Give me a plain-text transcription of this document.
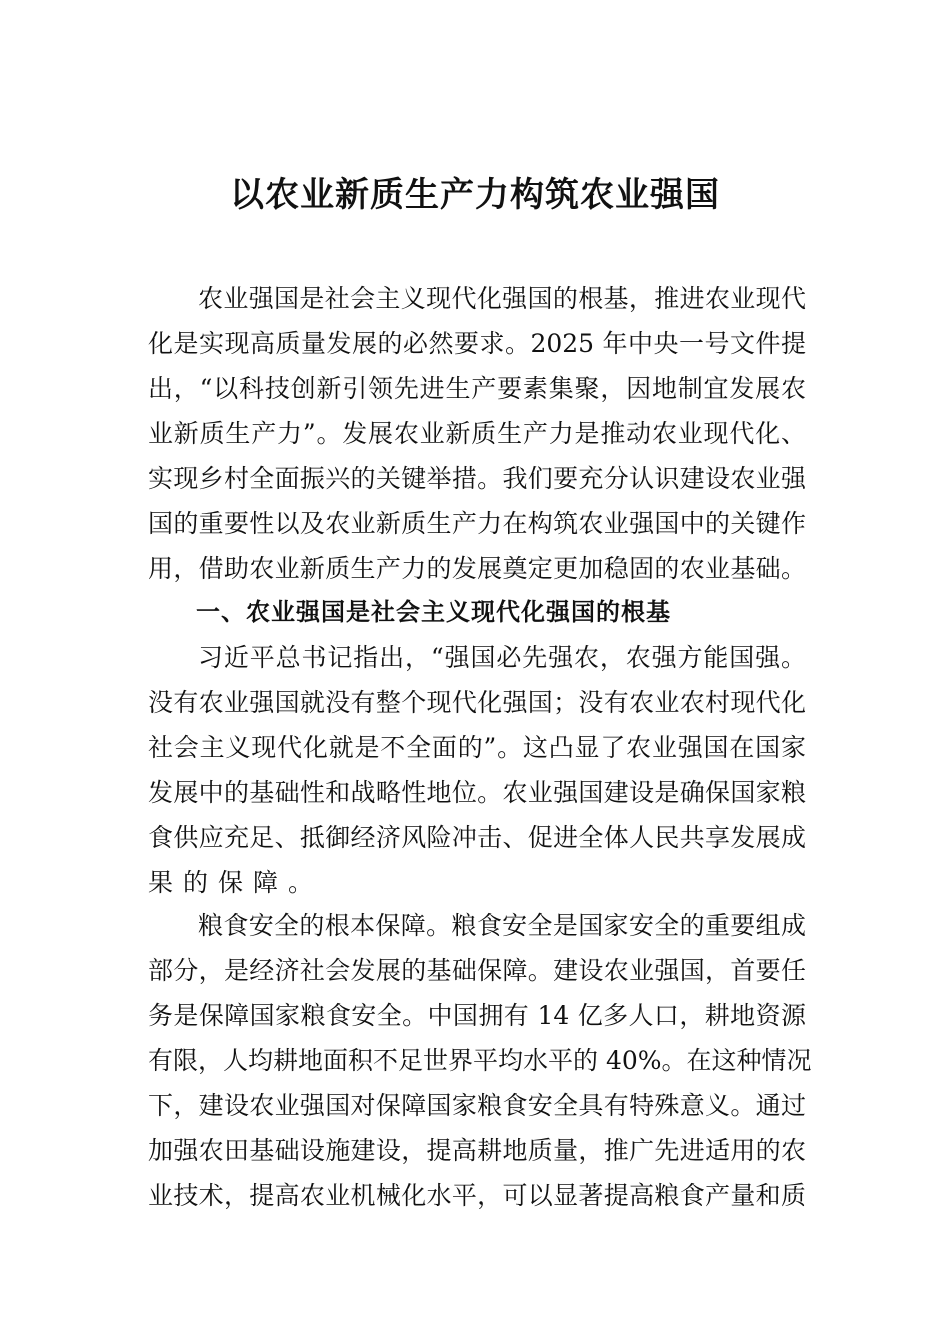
以农业新质生产力构筑农业强国
农业强国是社会主义现代化强国的根基，推进农业现代
化是实现高质量发展的必然要求。2025 年中央一号文件提
出，“以科技创新引领先进生产要素集聚，因地制宜发展农
业新质生产力”。发展农业新质生产力是推动农业现代化、
实现乡村全面振兴的关键举措。我们要充分认识建设农业强
国的重要性以及农业新质生产力在构筑农业强国中的关键作
用，借助农业新质生产力的发展奠定更加稳固的农业基础。
一、农业强国是社会主义现代化强国的根基
习近平总书记指出，“强国必先强农，农强方能国强。
没有农业强国就没有整个现代化强国；没有农业农村现代化
社会主义现代化就是不全面的”。这凸显了农业强国在国家
发展中的基础性和战略性地位。农业强国建设是确保国家粮
食供应充足、抵御经济风险冲击、促进全体人民共享发展成
果的保障。
粮食安全的根本保障。粮食安全是国家安全的重要组成
部分，是经济社会发展的基础保障。建设农业强国，首要任
务是保障国家粮食安全。中国拥有 14 亿多人口，耕地资源
有限，人均耕地面积不足世界平均水平的 40%。在这种情况
下，建设农业强国对保障国家粮食安全具有特殊意义。通过
加强农田基础设施建设，提高耕地质量，推广先进适用的农
业技术，提高农业机械化水平，可以显著提高粮食产量和质
